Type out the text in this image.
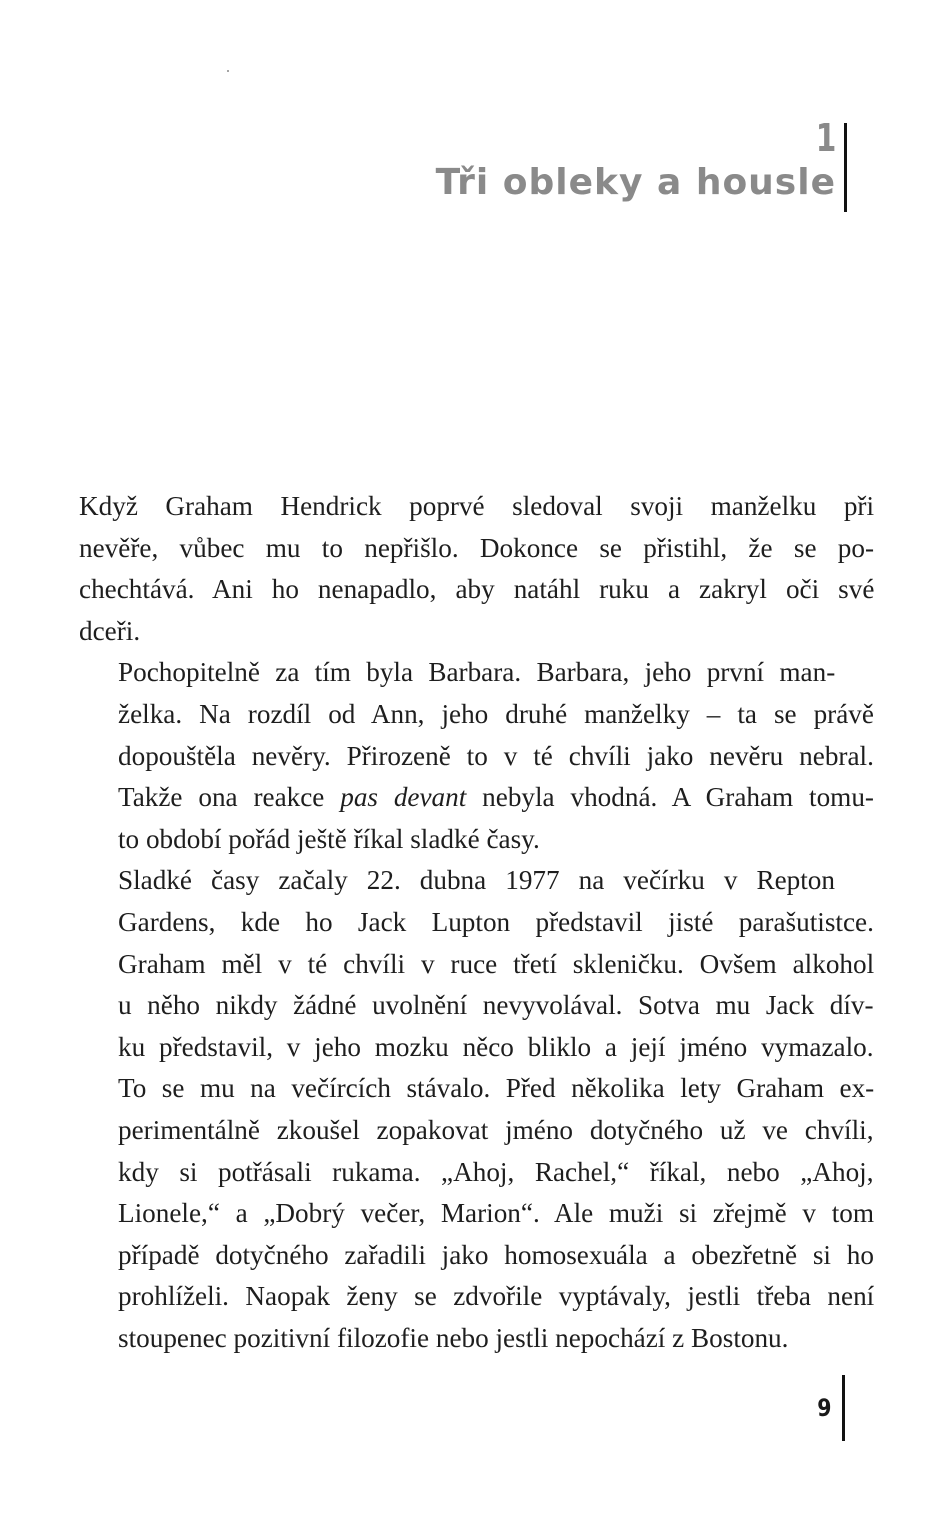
1
Tři obleky a housle

Když Graham Hendrick poprvé sledoval svoji manželku při
nevěře, vůbec mu to nepřišlo. Dokonce se přistihl, že se po-
chechtává. Ani ho nenapadlo, aby natáhl ruku a zakryl oči své
dceři.

Pochopitelně za tím byla Barbara. Barbara, jeho první man-
želka. Na rozdíl od Ann, jeho druhé manželky – ta se právě
dopouštěla nevěry. Přirozeně to v té chvíli jako nevěru nebral.
Takže ona reakce pas devant nebyla vhodná. A Graham tomu-
to období pořád ještě říkal sladké časy.

Sladké časy začaly 22. dubna 1977 na večírku v Repton
Gardens, kde ho Jack Lupton představil jisté parašutistce.
Graham měl v té chvíli v ruce třetí skleničku. Ovšem alkohol
u něho nikdy žádné uvolnění nevyvolával. Sotva mu Jack dív-
ku představil, v jeho mozku něco bliklo a její jméno vymazalo.
To se mu na večírcích stávalo. Před několika lety Graham ex-
perimentálně zkoušel zopakovat jméno dotyčného už ve chvíli,
kdy si potřásali rukama. „Ahoj, Rachel,“ říkal, nebo „Ahoj,
Lionele,“ a „Dobrý večer, Marion“. Ale muži si zřejmě v tom
případě dotyčného zařadili jako homosexuála a obezřetně si ho
prohlíželi. Naopak ženy se zdvořile vyptávaly, jestli třeba není
stoupenec pozitivní filozofie nebo jestli nepochází z Bostonu.

9
